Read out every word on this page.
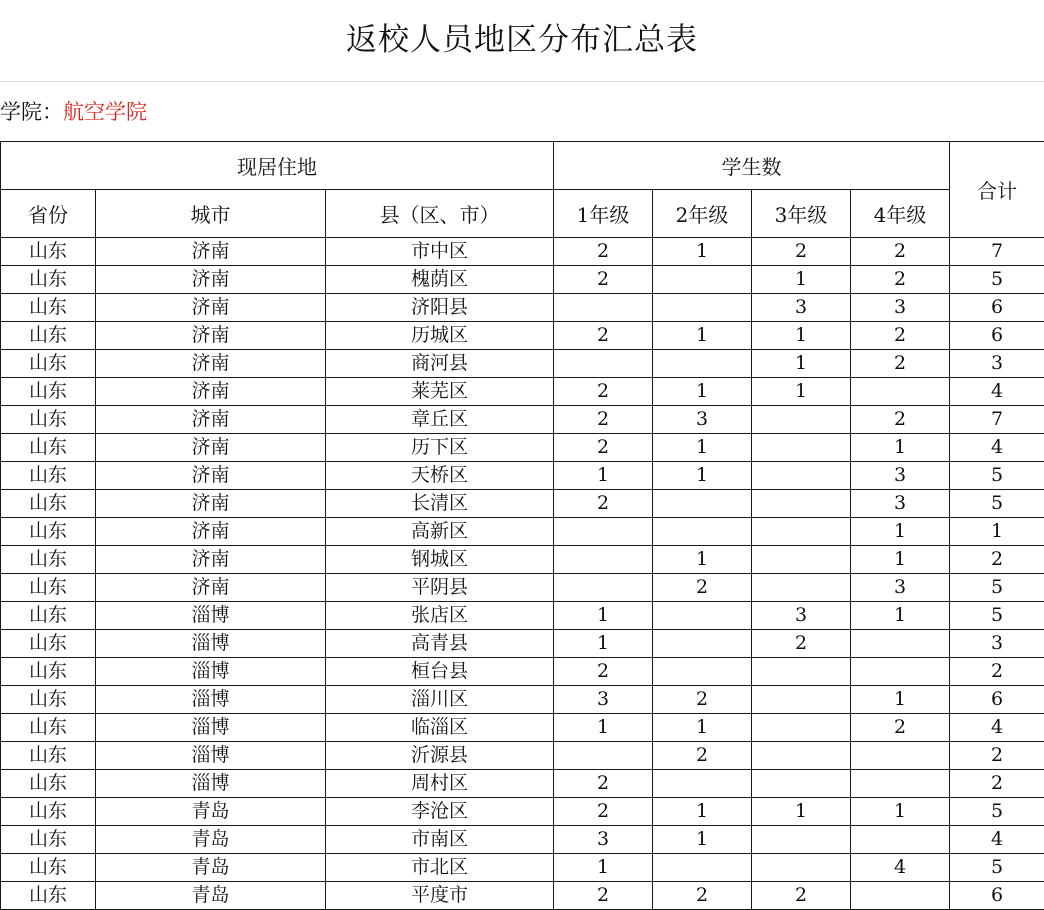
返校人员地区分布汇总表
学院：航空学院
现居住地			学生数				合计
省份	城市	县（区、市）	1年级	2年级	3年级	4年级	
山东	济南	市中区	2	1	2	2	7
山东	济南	槐荫区	2		1	2	5
山东	济南	济阳县			3	3	6
山东	济南	历城区	2	1	1	2	6
山东	济南	商河县			1	2	3
山东	济南	莱芜区	2	1	1		4
山东	济南	章丘区	2	3		2	7
山东	济南	历下区	2	1		1	4
山东	济南	天桥区	1	1		3	5
山东	济南	长清区	2			3	5
山东	济南	高新区				1	1
山东	济南	钢城区		1		1	2
山东	济南	平阴县		2		3	5
山东	淄博	张店区	1		3	1	5
山东	淄博	高青县	1		2		3
山东	淄博	桓台县	2				2
山东	淄博	淄川区	3	2		1	6
山东	淄博	临淄区	1	1		2	4
山东	淄博	沂源县		2			2
山东	淄博	周村区	2				2
山东	青岛	李沧区	2	1	1	1	5
山东	青岛	市南区	3	1			4
山东	青岛	市北区	1			4	5
山东	青岛	平度市	2	2	2		6
